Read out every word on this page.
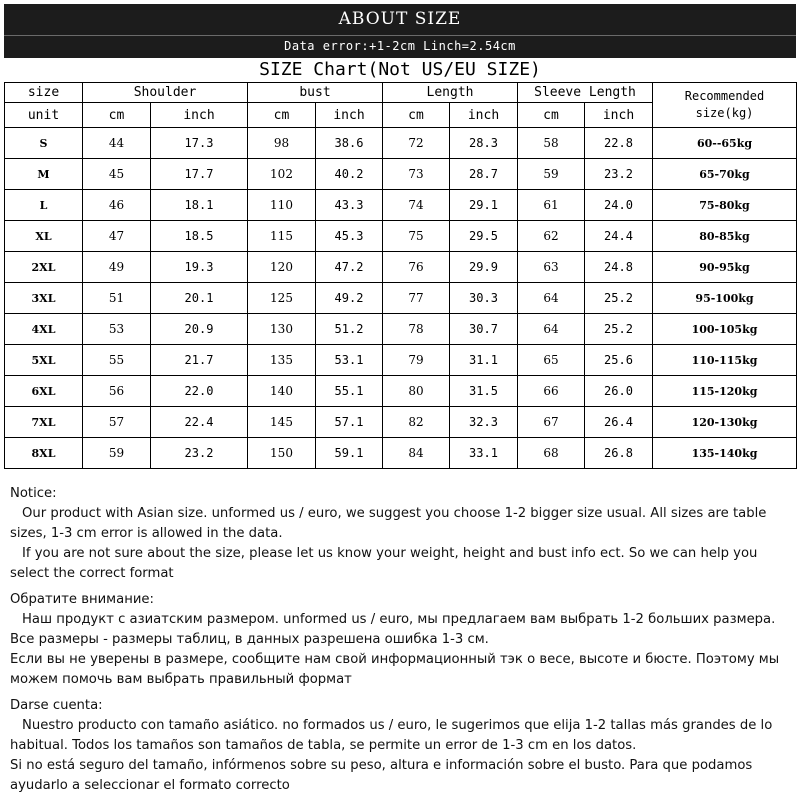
ABOUT SIZE
Data error:+1-2cm Linch=2.54cm
SIZE Chart(Not US/EU SIZE)
size	Shoulder		bust		Length		Sleeve Length		Recommended size(kg)
unit	cm	inch	cm	inch	cm	inch	cm	inch	
S	44	17.3	98	38.6	72	28.3	58	22.8	60--65kg
M	45	17.7	102	40.2	73	28.7	59	23.2	65-70kg
L	46	18.1	110	43.3	74	29.1	61	24.0	75-80kg
XL	47	18.5	115	45.3	75	29.5	62	24.4	80-85kg
2XL	49	19.3	120	47.2	76	29.9	63	24.8	90-95kg
3XL	51	20.1	125	49.2	77	30.3	64	25.2	95-100kg
4XL	53	20.9	130	51.2	78	30.7	64	25.2	100-105kg
5XL	55	21.7	135	53.1	79	31.1	65	25.6	110-115kg
6XL	56	22.0	140	55.1	80	31.5	66	26.0	115-120kg
7XL	57	22.4	145	57.1	82	32.3	67	26.4	120-130kg
8XL	59	23.2	150	59.1	84	33.1	68	26.8	135-140kg

Notice:

Our product with Asian size. unformed us / euro, we suggest you choose 1-2 bigger size usual. All sizes are table sizes, 1-3 cm error is allowed in the data.

If you are not sure about the size, please let us know your weight, height and bust info ect. So we can help you select the correct format

Обратите внимание:

Наш продукт с азиатским размером. unformed us / euro, мы предлагаем вам выбрать 1-2 больших размера. Все размеры - размеры таблиц, в данных разрешена ошибка 1-3 см.

Если вы не уверены в размере, сообщите нам свой информационный тэк о весе, высоте и бюсте. Поэтому мы можем помочь вам выбрать правильный формат

Darse cuenta:

Nuestro producto con tamaño asiático. no formados us / euro, le sugerimos que elija 1-2 tallas más grandes de lo habitual. Todos los tamaños son tamaños de tabla, se permite un error de 1-3 cm en los datos.

Si no está seguro del tamaño, infórmenos sobre su peso, altura e información sobre el busto. Para que podamos ayudarlo a seleccionar el formato correcto
